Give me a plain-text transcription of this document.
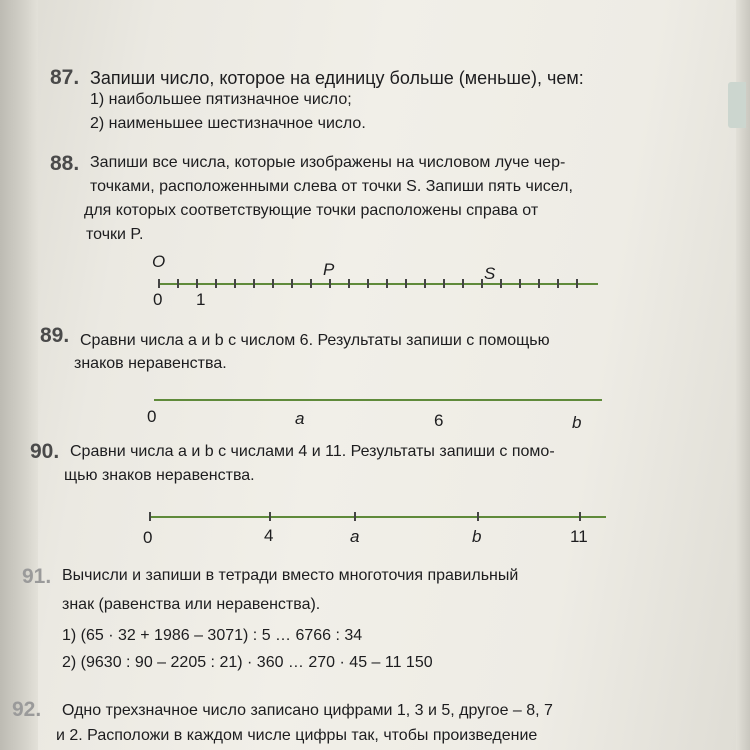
87. Запиши число, которое на единицу больше (меньше), чем:
1) наибольшее пятизначное число;
2) наименьшее шестизначное число.
88. Запиши все числа, которые изображены на числовом луче чер-
точками, расположенными слева от точки S. Запиши пять чисел,
для которых соответствующие точки расположены справа от
точки P.
O	P	S
0 1
89. Сравни числа a и b с числом 6. Результаты запиши с помощью
знаков неравенства.
0	a	6	b
90. Сравни числа a и b с числами 4 и 11. Результаты запиши с помо-
щью знаков неравенства.
0	4	a	b	11
91. Вычисли и запиши в тетради вместо многоточия правильный
знак (равенства или неравенства).
1) (65 · 32 + 1986 – 3071) : 5 … 6766 : 34
2) (9630 : 90 – 2205 : 21) · 360 … 270 · 45 – 11 150
92. Одно трехзначное число записано цифрами 1, 3 и 5, другое – 8, 7
и 2. Расположи в каждом числе цифры так, чтобы произведение
